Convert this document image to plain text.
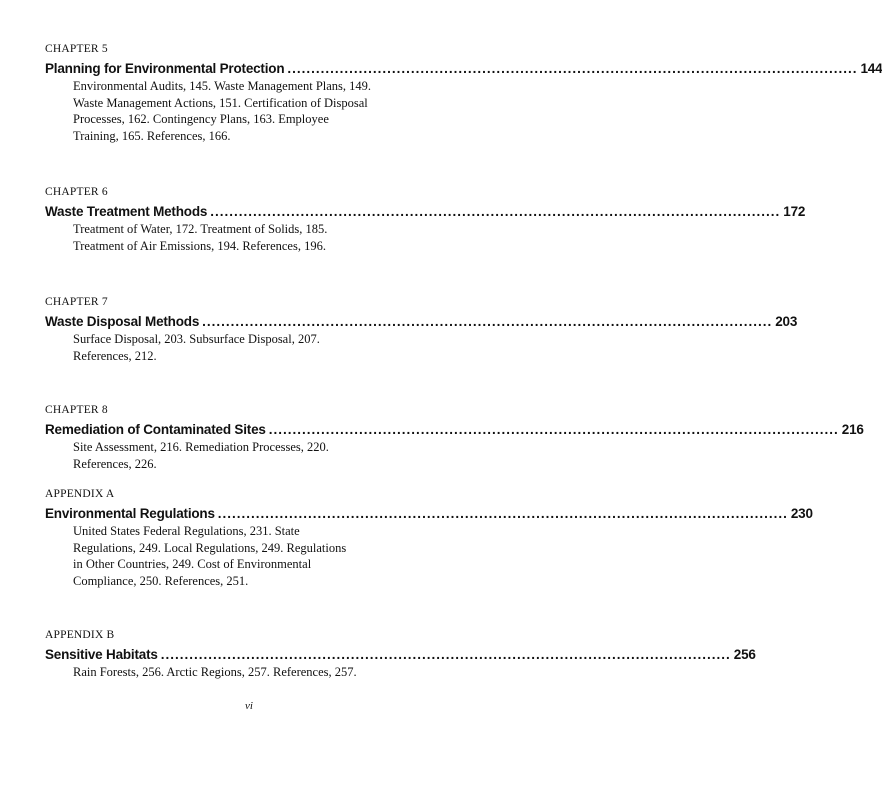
CHAPTER 5
Planning for Environmental Protection ........................................................................................................................ 144
Environmental Audits, 145. Waste Management Plans, 149.
Waste Management Actions, 151. Certification of Disposal
Processes, 162. Contingency Plans, 163. Employee
Training, 165. References, 166.
CHAPTER 6
Waste Treatment Methods ........................................................................................................................ 172
Treatment of Water, 172. Treatment of Solids, 185.
Treatment of Air Emissions, 194. References, 196.
CHAPTER 7
Waste Disposal Methods ........................................................................................................................ 203
Surface Disposal, 203. Subsurface Disposal, 207.
References, 212.
CHAPTER 8
Remediation of Contaminated Sites ........................................................................................................................ 216
Site Assessment, 216. Remediation Processes, 220.
References, 226.
APPENDIX A
Environmental Regulations ........................................................................................................................ 230
United States Federal Regulations, 231. State
Regulations, 249. Local Regulations, 249. Regulations
in Other Countries, 249. Cost of Environmental
Compliance, 250. References, 251.
APPENDIX B
Sensitive Habitats ........................................................................................................................ 256
Rain Forests, 256. Arctic Regions, 257. References, 257.
vi
